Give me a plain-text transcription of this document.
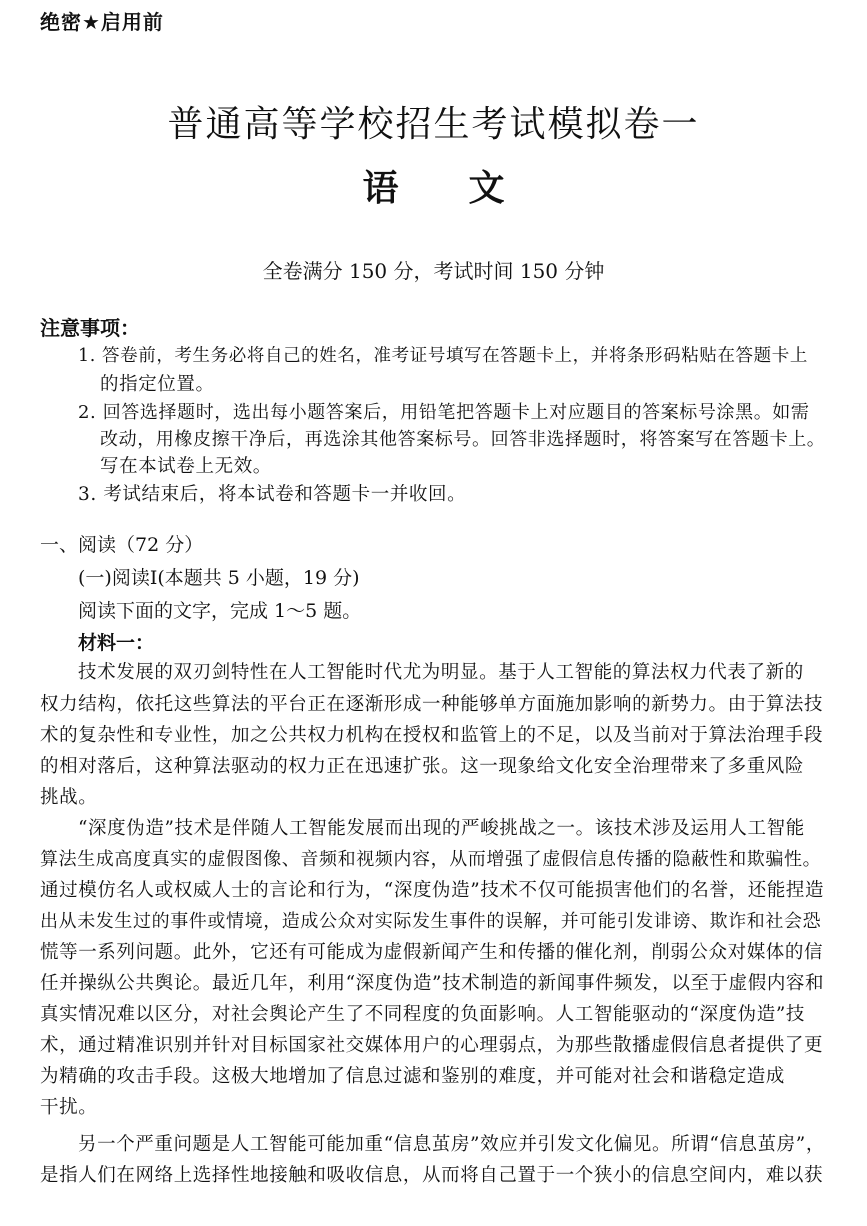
绝密★启用前
普通高等学校招生考试模拟卷一
语 文
全卷满分 150 分，考试时间 150 分钟
注意事项：
1. 答卷前，考生务必将自己的姓名，准考证号填写在答题卡上，并将条形码粘贴在答题卡上
的指定位置。
2. 回答选择题时，选出每小题答案后，用铅笔把答题卡上对应题目的答案标号涂黑。如需
改动，用橡皮擦干净后，再选涂其他答案标号。回答非选择题时，将答案写在答题卡上。
写在本试卷上无效。
3. 考试结束后，将本试卷和答题卡一并收回。
一、阅读（72 分）
(一)阅读Ⅰ(本题共 5 小题，19 分)
阅读下面的文字，完成 1～5 题。
材料一：
技术发展的双刃剑特性在人工智能时代尤为明显。基于人工智能的算法权力代表了新的
权力结构，依托这些算法的平台正在逐渐形成一种能够单方面施加影响的新势力。由于算法技
术的复杂性和专业性，加之公共权力机构在授权和监管上的不足，以及当前对于算法治理手段
的相对落后，这种算法驱动的权力正在迅速扩张。这一现象给文化安全治理带来了多重风险
挑战。
“深度伪造”技术是伴随人工智能发展而出现的严峻挑战之一。该技术涉及运用人工智能
算法生成高度真实的虚假图像、音频和视频内容，从而增强了虚假信息传播的隐蔽性和欺骗性。
通过模仿名人或权威人士的言论和行为，“深度伪造”技术不仅可能损害他们的名誉，还能捏造
出从未发生过的事件或情境，造成公众对实际发生事件的误解，并可能引发诽谤、欺诈和社会恐
慌等一系列问题。此外，它还有可能成为虚假新闻产生和传播的催化剂，削弱公众对媒体的信
任并操纵公共舆论。最近几年，利用“深度伪造”技术制造的新闻事件频发，以至于虚假内容和
真实情况难以区分，对社会舆论产生了不同程度的负面影响。人工智能驱动的“深度伪造”技
术，通过精准识别并针对目标国家社交媒体用户的心理弱点，为那些散播虚假信息者提供了更
为精确的攻击手段。这极大地增加了信息过滤和鉴别的难度，并可能对社会和谐稳定造成
干扰。
另一个严重问题是人工智能可能加重“信息茧房”效应并引发文化偏见。所谓“信息茧房”，
是指人们在网络上选择性地接触和吸收信息，从而将自己置于一个狭小的信息空间内，难以获
